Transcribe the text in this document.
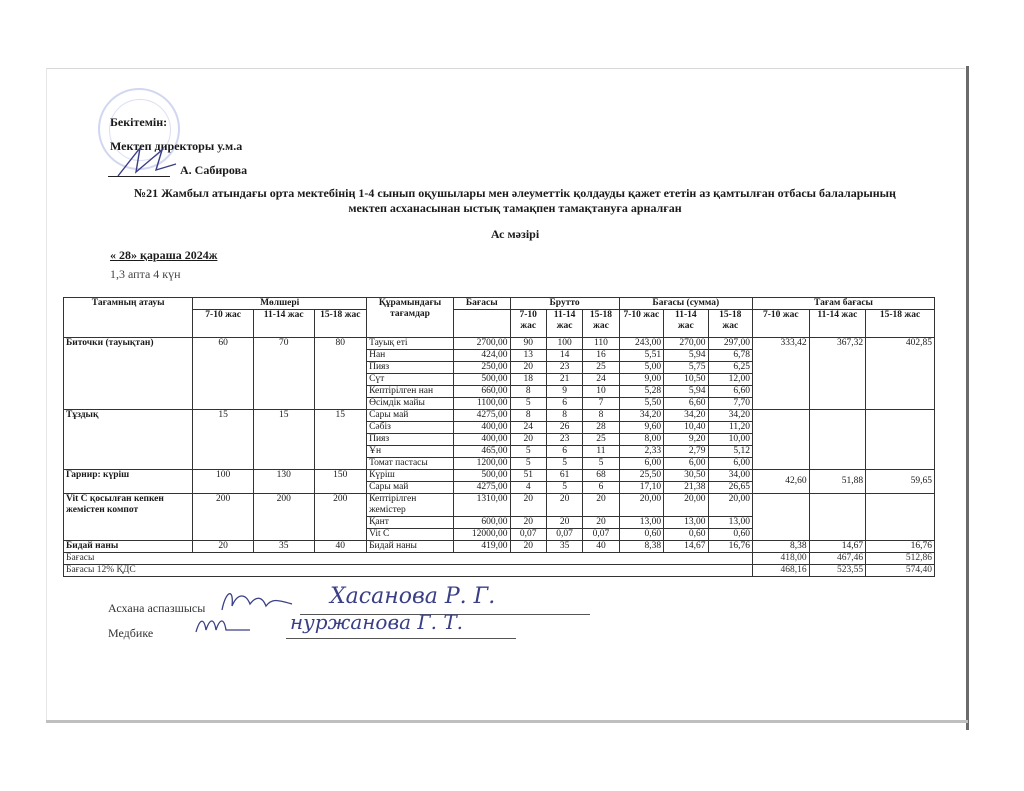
Бекітемін:
Мектеп директоры у.м.а
А. Сабирова
№21 Жамбыл атындағы орта мектебінің 1-4 сынып оқушылары мен әлеуметтік қолдауды қажет ететін аз қамтылған отбасы балаларының
мектеп асханасынан ыстық тамақпен тамақтануға арналған
Ас мәзірі
« 28» қараша 2024ж
1,3 апта 4 күн
Тағамның атауы	Мөлшері			Құрамындағы тағамдар	Бағасы	Брутто			Бағасы (сумма)			Тағам бағасы		
	7-10 жас	11-14 жас	15-18 жас			7-10 жас	11-14 жас	15-18 жас	7-10 жас	11-14 жас	15-18 жас	7-10 жас	11-14 жас	15-18 жас
Биточки (тауықтан)	60	70	80	Тауық еті	2700,00	90	100	110	243,00	270,00	297,00	333,42	367,32	402,85
				Нан	424,00	13	14	16	5,51	5,94	6,78			
				Пияз	250,00	20	23	25	5,00	5,75	6,25			
				Сүт	500,00	18	21	24	9,00	10,50	12,00			
				Кептірілген нан	660,00	8	9	10	5,28	5,94	6,60			
				Өсімдік майы	1100,00	5	6	7	5,50	6,60	7,70			
Тұздық	15	15	15	Сары май	4275,00	8	8	8	34,20	34,20	34,20			
				Сәбіз	400,00	24	26	28	9,60	10,40	11,20			
				Пияз	400,00	20	23	25	8,00	9,20	10,00			
				Ұн	465,00	5	6	11	2,33	2,79	5,12			
				Томат пастасы	1200,00	5	5	5	6,00	6,00	6,00			
Гарнир: күріш	100	130	150	Күріш	500,00	51	61	68	25,50	30,50	34,00	42,60	51,88	59,65
				Сары май	4275,00	4	5	6	17,10	21,38	26,65			
Vit C қосылған кепкен жемістен компот	200	200	200	Кептірілген жемістер	1310,00	20	20	20	20,00	20,00	20,00			
				Қант	600,00	20	20	20	13,00	13,00	13,00			
				Vit C	12000,00	0,07	0,07	0,07	0,60	0,60	0,60			
Бидай наны	20	35	40	Бидай наны	419,00	20	35	40	8,38	14,67	16,76	8,38	14,67	16,76
Бағасы												418,00	467,46	512,86
Бағасы 12% ҚДС												468,16	523,55	574,40
Асхана аспазшысы	Хасанова Р. Г.
Медбике	нуржанова Г. Т.
